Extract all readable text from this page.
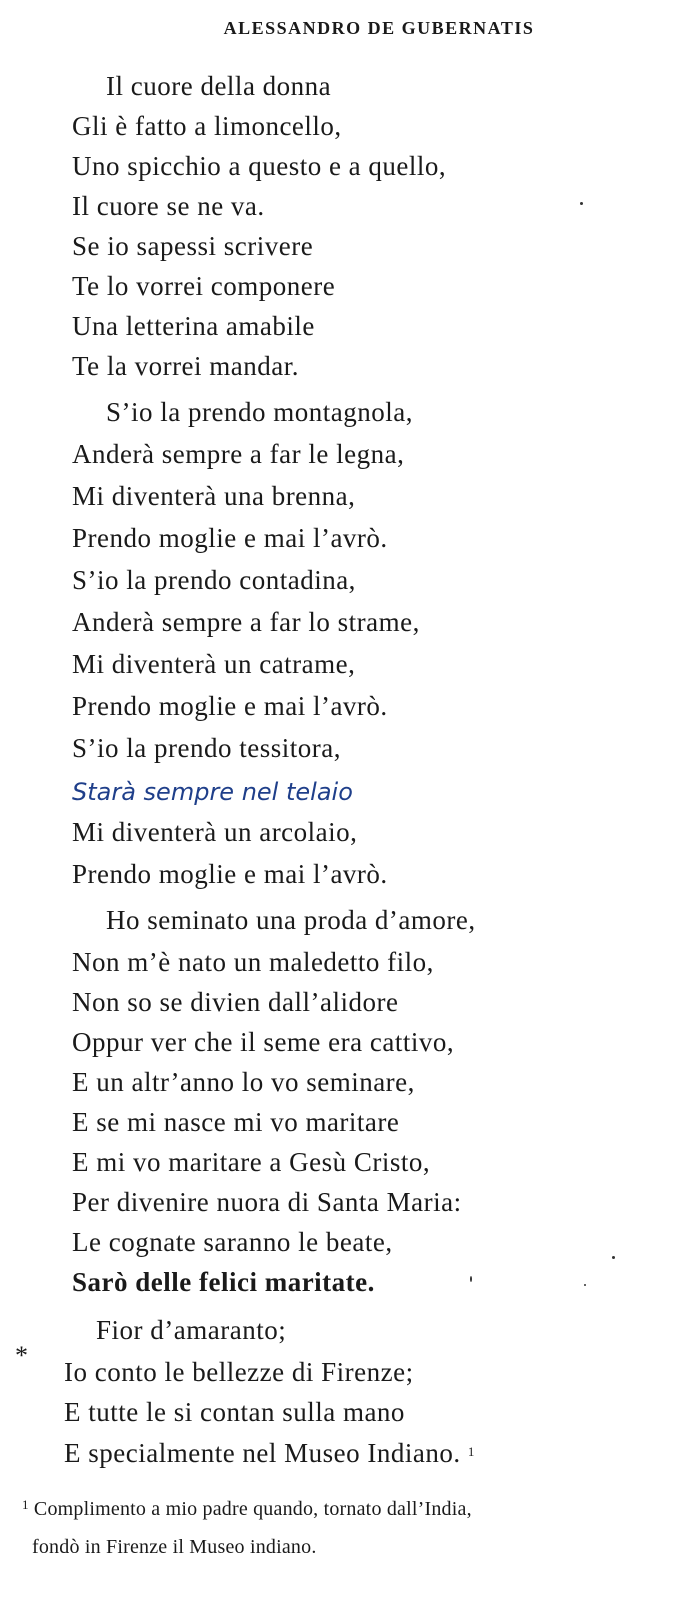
ALESSANDRO DE GUBERNATIS
Il cuore della donna
Gli è fatto a limoncello,
Uno spicchio a questo e a quello,
Il cuore se ne va.
Se io sapessi scrivere
Te lo vorrei componere
Una letterina amabile
Te la vorrei mandar.
S’io la prendo montagnola,
Anderà sempre a far le legna,
Mi diventerà una brenna,
Prendo moglie e mai l’avrò.
S’io la prendo contadina,
Anderà sempre a far lo strame,
Mi diventerà un catrame,
Prendo moglie e mai l’avrò.
S’io la prendo tessitora,
Starà sempre nel telaio
Mi diventerà un arcolaio,
Prendo moglie e mai l’avrò.
Ho seminato una proda d’amore,
Non m’è nato un maledetto filo,
Non so se divien dall’alidore
Oppur ver che il seme era cattivo,
E un altr’anno lo vo seminare,
E se mi nasce mi vo maritare
E mi vo maritare a Gesù Cristo,
Per divenire nuora di Santa Maria:
Le cognate saranno le beate,
Sarò delle felici maritate.
*
Fior d’amaranto;
Io conto le bellezze di Firenze;
E tutte le si contan sulla mano
E specialmente nel Museo Indiano. $^1$
$^1$ Complimento a mio padre quando, tornato dall’India,
fondò in Firenze il Museo indiano.
